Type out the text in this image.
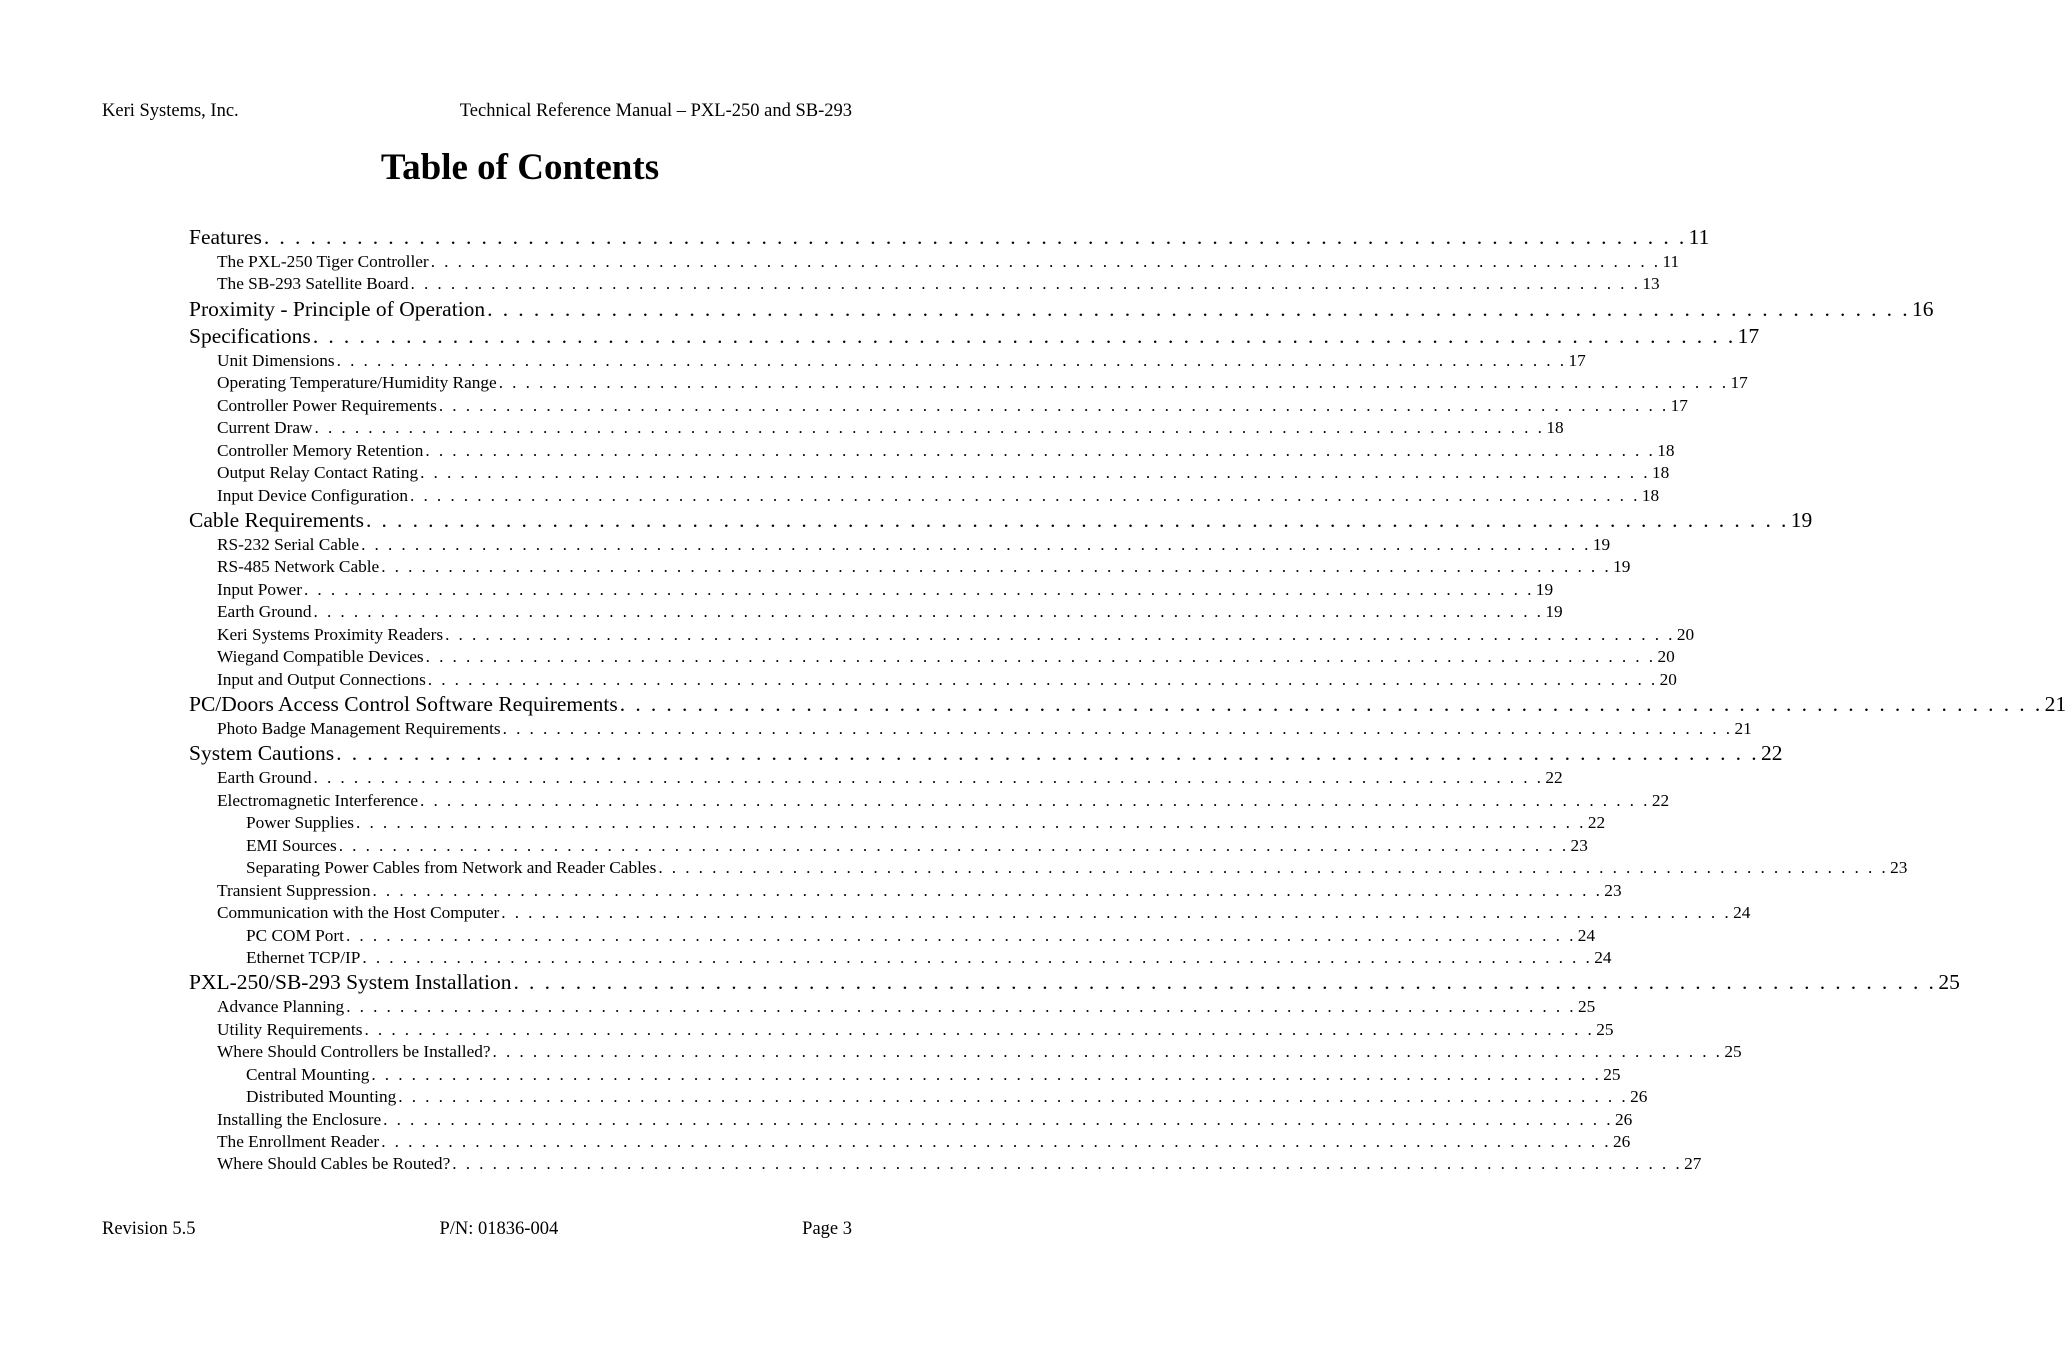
Keri Systems, Inc.	Technical Reference Manual – PXL-250 and SB-293
Table of Contents
Features . . . . . . . . . . . . . . . . . . . . . . . . . . . . . . . . . . . . . . . . . . . . . . . . . . . . . . . . . . . . . . . . . . . . . . . . . . . . . . . . . . . . . . . . . . . . 11
The PXL-250 Tiger Controller . . . . . . . . . . . . . . . . . . . . . . . . . . . . . . . . . . . . . . . . . . . . . . . . . . . . . . . . . . . . . . . . . . . . . . . . . . . . . . . . . . . . . . . . . . . . 11
The SB-293 Satellite Board . . . . . . . . . . . . . . . . . . . . . . . . . . . . . . . . . . . . . . . . . . . . . . . . . . . . . . . . . . . . . . . . . . . . . . . . . . . . . . . . . . . . . . . . . . . . 13
Proximity - Principle of Operation . . . . . . . . . . . . . . . . . . . . . . . . . . . . . . . . . . . . . . . . . . . . . . . . . . . . . . . . . . . . . . . . . . . . . . . . . . . . . . . . . . . . . . . . . . . . 16
Specifications . . . . . . . . . . . . . . . . . . . . . . . . . . . . . . . . . . . . . . . . . . . . . . . . . . . . . . . . . . . . . . . . . . . . . . . . . . . . . . . . . . . . . . . . . . . . 17
Unit Dimensions . . . . . . . . . . . . . . . . . . . . . . . . . . . . . . . . . . . . . . . . . . . . . . . . . . . . . . . . . . . . . . . . . . . . . . . . . . . . . . . . . . . . . . . . . . . . 17
Operating Temperature/Humidity Range . . . . . . . . . . . . . . . . . . . . . . . . . . . . . . . . . . . . . . . . . . . . . . . . . . . . . . . . . . . . . . . . . . . . . . . . . . . . . . . . . . . . . . . . . . . . 17
Controller Power Requirements . . . . . . . . . . . . . . . . . . . . . . . . . . . . . . . . . . . . . . . . . . . . . . . . . . . . . . . . . . . . . . . . . . . . . . . . . . . . . . . . . . . . . . . . . . . . 17
Current Draw . . . . . . . . . . . . . . . . . . . . . . . . . . . . . . . . . . . . . . . . . . . . . . . . . . . . . . . . . . . . . . . . . . . . . . . . . . . . . . . . . . . . . . . . . . . . 18
Controller Memory Retention . . . . . . . . . . . . . . . . . . . . . . . . . . . . . . . . . . . . . . . . . . . . . . . . . . . . . . . . . . . . . . . . . . . . . . . . . . . . . . . . . . . . . . . . . . . . 18
Output Relay Contact Rating . . . . . . . . . . . . . . . . . . . . . . . . . . . . . . . . . . . . . . . . . . . . . . . . . . . . . . . . . . . . . . . . . . . . . . . . . . . . . . . . . . . . . . . . . . . . 18
Input Device Configuration . . . . . . . . . . . . . . . . . . . . . . . . . . . . . . . . . . . . . . . . . . . . . . . . . . . . . . . . . . . . . . . . . . . . . . . . . . . . . . . . . . . . . . . . . . . . 18
Cable Requirements . . . . . . . . . . . . . . . . . . . . . . . . . . . . . . . . . . . . . . . . . . . . . . . . . . . . . . . . . . . . . . . . . . . . . . . . . . . . . . . . . . . . . . . . . . . . 19
RS-232 Serial Cable . . . . . . . . . . . . . . . . . . . . . . . . . . . . . . . . . . . . . . . . . . . . . . . . . . . . . . . . . . . . . . . . . . . . . . . . . . . . . . . . . . . . . . . . . . . . 19
RS-485 Network Cable . . . . . . . . . . . . . . . . . . . . . . . . . . . . . . . . . . . . . . . . . . . . . . . . . . . . . . . . . . . . . . . . . . . . . . . . . . . . . . . . . . . . . . . . . . . . 19
Input Power . . . . . . . . . . . . . . . . . . . . . . . . . . . . . . . . . . . . . . . . . . . . . . . . . . . . . . . . . . . . . . . . . . . . . . . . . . . . . . . . . . . . . . . . . . . . 19
Earth Ground . . . . . . . . . . . . . . . . . . . . . . . . . . . . . . . . . . . . . . . . . . . . . . . . . . . . . . . . . . . . . . . . . . . . . . . . . . . . . . . . . . . . . . . . . . . . 19
Keri Systems Proximity Readers . . . . . . . . . . . . . . . . . . . . . . . . . . . . . . . . . . . . . . . . . . . . . . . . . . . . . . . . . . . . . . . . . . . . . . . . . . . . . . . . . . . . . . . . . . . . 20
Wiegand Compatible Devices . . . . . . . . . . . . . . . . . . . . . . . . . . . . . . . . . . . . . . . . . . . . . . . . . . . . . . . . . . . . . . . . . . . . . . . . . . . . . . . . . . . . . . . . . . . . 20
Input and Output Connections . . . . . . . . . . . . . . . . . . . . . . . . . . . . . . . . . . . . . . . . . . . . . . . . . . . . . . . . . . . . . . . . . . . . . . . . . . . . . . . . . . . . . . . . . . . . 20
PC/Doors Access Control Software Requirements . . . . . . . . . . . . . . . . . . . . . . . . . . . . . . . . . . . . . . . . . . . . . . . . . . . . . . . . . . . . . . . . . . . . . . . . . . . . . . . . . . . . . . . . . . . . 21
Photo Badge Management Requirements . . . . . . . . . . . . . . . . . . . . . . . . . . . . . . . . . . . . . . . . . . . . . . . . . . . . . . . . . . . . . . . . . . . . . . . . . . . . . . . . . . . . . . . . . . . . 21
System Cautions . . . . . . . . . . . . . . . . . . . . . . . . . . . . . . . . . . . . . . . . . . . . . . . . . . . . . . . . . . . . . . . . . . . . . . . . . . . . . . . . . . . . . . . . . . . . 22
Earth Ground . . . . . . . . . . . . . . . . . . . . . . . . . . . . . . . . . . . . . . . . . . . . . . . . . . . . . . . . . . . . . . . . . . . . . . . . . . . . . . . . . . . . . . . . . . . . 22
Electromagnetic Interference . . . . . . . . . . . . . . . . . . . . . . . . . . . . . . . . . . . . . . . . . . . . . . . . . . . . . . . . . . . . . . . . . . . . . . . . . . . . . . . . . . . . . . . . . . . . 22
Power Supplies . . . . . . . . . . . . . . . . . . . . . . . . . . . . . . . . . . . . . . . . . . . . . . . . . . . . . . . . . . . . . . . . . . . . . . . . . . . . . . . . . . . . . . . . . . . . 22
EMI Sources . . . . . . . . . . . . . . . . . . . . . . . . . . . . . . . . . . . . . . . . . . . . . . . . . . . . . . . . . . . . . . . . . . . . . . . . . . . . . . . . . . . . . . . . . . . . 23
Separating Power Cables from Network and Reader Cables . . . . . . . . . . . . . . . . . . . . . . . . . . . . . . . . . . . . . . . . . . . . . . . . . . . . . . . . . . . . . . . . . . . . . . . . . . . . . . . . . . . . . . . . . . . . 23
Transient Suppression . . . . . . . . . . . . . . . . . . . . . . . . . . . . . . . . . . . . . . . . . . . . . . . . . . . . . . . . . . . . . . . . . . . . . . . . . . . . . . . . . . . . . . . . . . . . 23
Communication with the Host Computer . . . . . . . . . . . . . . . . . . . . . . . . . . . . . . . . . . . . . . . . . . . . . . . . . . . . . . . . . . . . . . . . . . . . . . . . . . . . . . . . . . . . . . . . . . . . 24
PC COM Port . . . . . . . . . . . . . . . . . . . . . . . . . . . . . . . . . . . . . . . . . . . . . . . . . . . . . . . . . . . . . . . . . . . . . . . . . . . . . . . . . . . . . . . . . . . . 24
Ethernet TCP/IP . . . . . . . . . . . . . . . . . . . . . . . . . . . . . . . . . . . . . . . . . . . . . . . . . . . . . . . . . . . . . . . . . . . . . . . . . . . . . . . . . . . . . . . . . . . . 24
PXL-250/SB-293 System Installation . . . . . . . . . . . . . . . . . . . . . . . . . . . . . . . . . . . . . . . . . . . . . . . . . . . . . . . . . . . . . . . . . . . . . . . . . . . . . . . . . . . . . . . . . . . . 25
Advance Planning . . . . . . . . . . . . . . . . . . . . . . . . . . . . . . . . . . . . . . . . . . . . . . . . . . . . . . . . . . . . . . . . . . . . . . . . . . . . . . . . . . . . . . . . . . . . 25
Utility Requirements . . . . . . . . . . . . . . . . . . . . . . . . . . . . . . . . . . . . . . . . . . . . . . . . . . . . . . . . . . . . . . . . . . . . . . . . . . . . . . . . . . . . . . . . . . . . 25
Where Should Controllers be Installed? . . . . . . . . . . . . . . . . . . . . . . . . . . . . . . . . . . . . . . . . . . . . . . . . . . . . . . . . . . . . . . . . . . . . . . . . . . . . . . . . . . . . . . . . . . . . 25
Central Mounting . . . . . . . . . . . . . . . . . . . . . . . . . . . . . . . . . . . . . . . . . . . . . . . . . . . . . . . . . . . . . . . . . . . . . . . . . . . . . . . . . . . . . . . . . . . . 25
Distributed Mounting . . . . . . . . . . . . . . . . . . . . . . . . . . . . . . . . . . . . . . . . . . . . . . . . . . . . . . . . . . . . . . . . . . . . . . . . . . . . . . . . . . . . . . . . . . . . 26
Installing the Enclosure . . . . . . . . . . . . . . . . . . . . . . . . . . . . . . . . . . . . . . . . . . . . . . . . . . . . . . . . . . . . . . . . . . . . . . . . . . . . . . . . . . . . . . . . . . . . 26
The Enrollment Reader . . . . . . . . . . . . . . . . . . . . . . . . . . . . . . . . . . . . . . . . . . . . . . . . . . . . . . . . . . . . . . . . . . . . . . . . . . . . . . . . . . . . . . . . . . . . 26
Where Should Cables be Routed? . . . . . . . . . . . . . . . . . . . . . . . . . . . . . . . . . . . . . . . . . . . . . . . . . . . . . . . . . . . . . . . . . . . . . . . . . . . . . . . . . . . . . . . . . . . . 27
Revision 5.5	P/N: 01836-004	Page 3
